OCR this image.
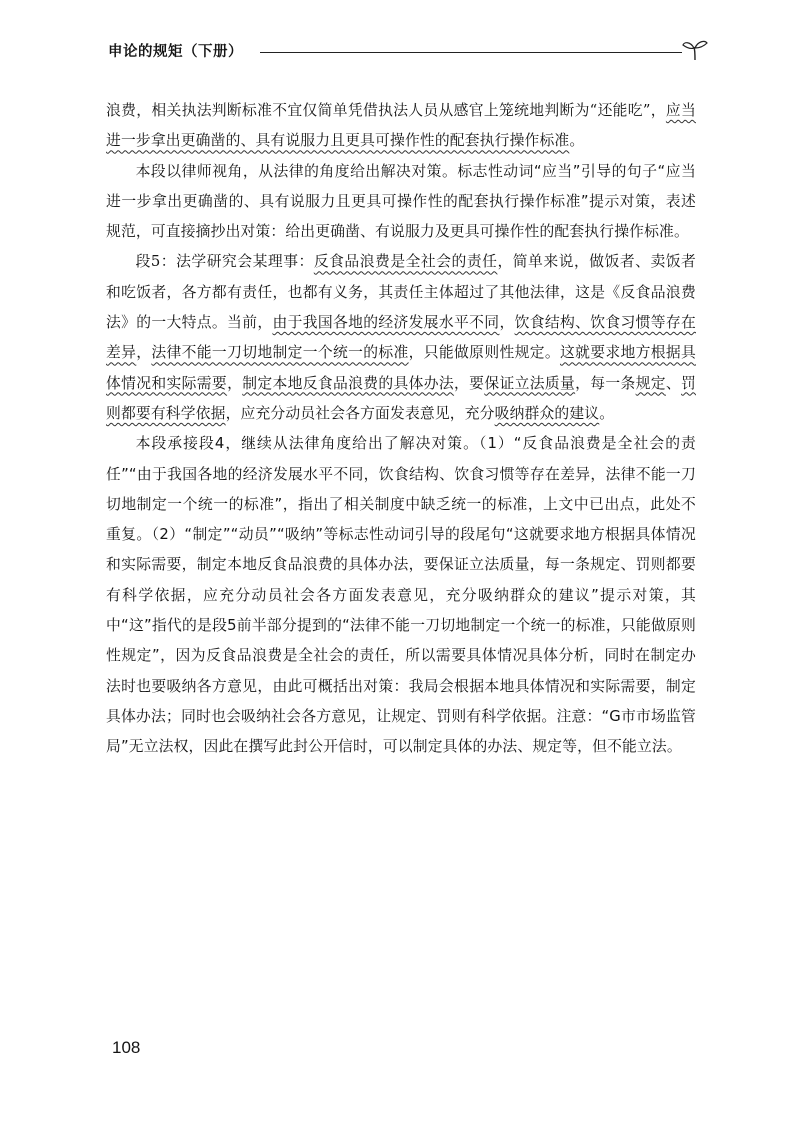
申论的规矩（下册）

浪费，相关执法判断标准不宜仅简单凭借执法人员从感官上笼统地判断为“还能吃”，应当进一步拿出更确凿的、具有说服力且更具可操作性的配套执行操作标准。

本段以律师视角，从法律的角度给出解决对策。标志性动词“应当”引导的句子“应当进一步拿出更确凿的、具有说服力且更具可操作性的配套执行操作标准”提示对策，表述规范，可直接摘抄出对策：给出更确凿、有说服力及更具可操作性的配套执行操作标准。

段5：法学研究会某理事：反食品浪费是全社会的责任，简单来说，做饭者、卖饭者和吃饭者，各方都有责任，也都有义务，其责任主体超过了其他法律，这是《反食品浪费法》的一大特点。当前，由于我国各地的经济发展水平不同，饮食结构、饮食习惯等存在差异，法律不能一刀切地制定一个统一的标准，只能做原则性规定。这就要求地方根据具体情况和实际需要，制定本地反食品浪费的具体办法，要保证立法质量，每一条规定、罚则都要有科学依据，应充分动员社会各方面发表意见，充分吸纳群众的建议。

本段承接段4，继续从法律角度给出了解决对策。（1）“反食品浪费是全社会的责任”“由于我国各地的经济发展水平不同，饮食结构、饮食习惯等存在差异，法律不能一刀切地制定一个统一的标准”，指出了相关制度中缺乏统一的标准，上文中已出点，此处不重复。（2）“制定”“动员”“吸纳”等标志性动词引导的段尾句“这就要求地方根据具体情况和实际需要，制定本地反食品浪费的具体办法，要保证立法质量，每一条规定、罚则都要有科学依据，应充分动员社会各方面发表意见，充分吸纳群众的建议”提示对策，其中“这”指代的是段5前半部分提到的“法律不能一刀切地制定一个统一的标准，只能做原则性规定”，因为反食品浪费是全社会的责任，所以需要具体情况具体分析，同时在制定办法时也要吸纳各方意见，由此可概括出对策：我局会根据本地具体情况和实际需要，制定具体办法；同时也会吸纳社会各方意见，让规定、罚则有科学依据。注意：“G市市场监管局”无立法权，因此在撰写此封公开信时，可以制定具体的办法、规定等，但不能立法。

108
